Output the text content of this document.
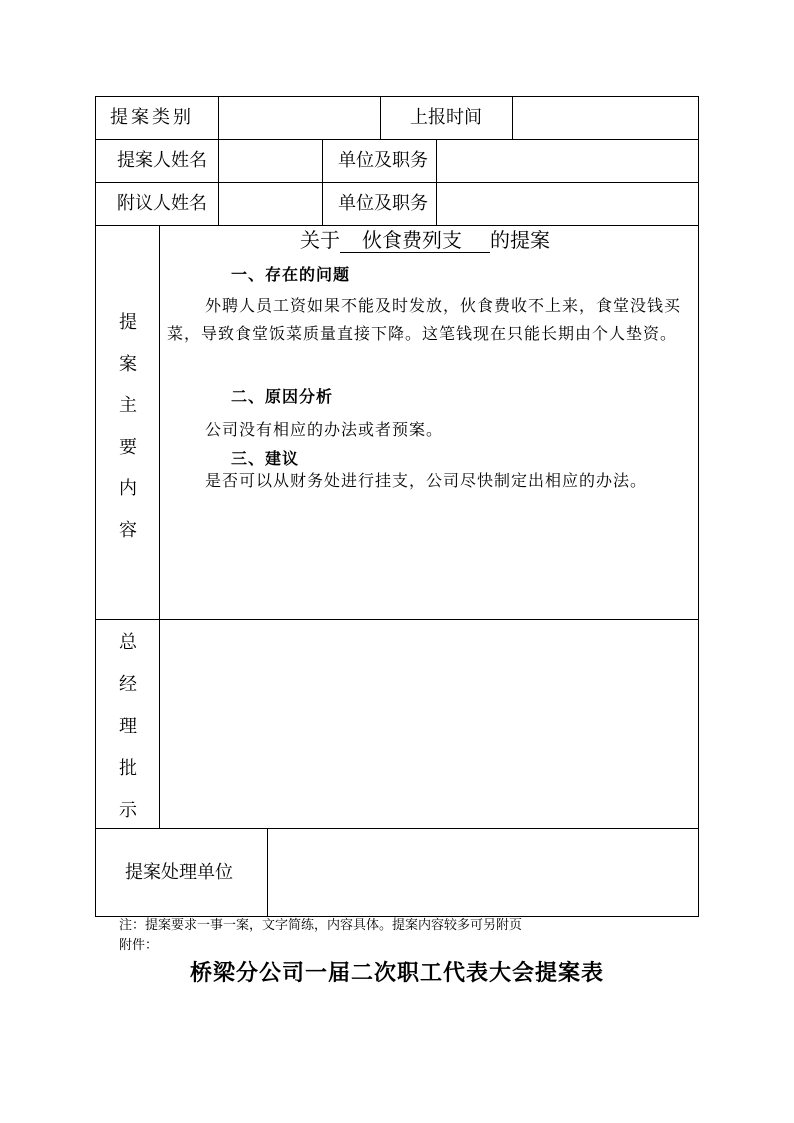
提案类别	上报时间
提案人姓名	单位及职务
附议人姓名	单位及职务
提
案
主
要
内
容
关于 伙食费列支 的提案
一、存在的问题
外聘人员工资如果不能及时发放，伙食费收不上来，食堂没钱买菜，导致食堂饭菜质量直接下降。这笔钱现在只能长期由个人垫资。
二、原因分析
公司没有相应的办法或者预案。
三、建议
是否可以从财务处进行挂支，公司尽快制定出相应的办法。
总
经
理
批
示
提案处理单位
注：提案要求一事一案，文字简练，内容具体。提案内容较多可另附页
附件：
桥梁分公司一届二次职工代表大会提案表
